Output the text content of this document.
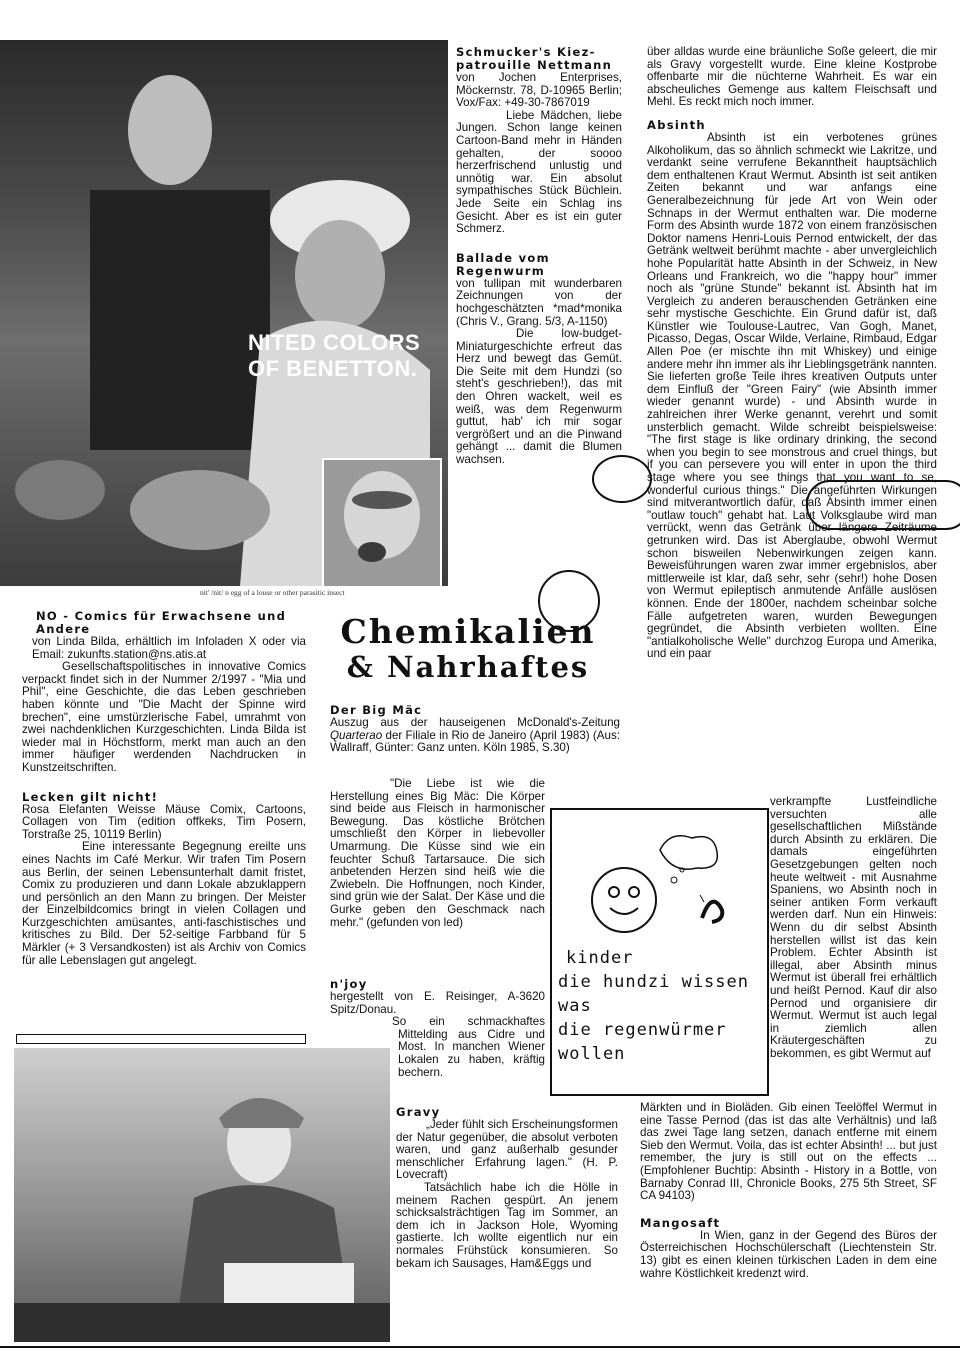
NITED COLORS
OF BENETTON.
nit' /nit/ n egg of a louse or other parasitic insect
Schmucker's Kiez-
patrouille Nettmann

von Jochen Enterprises, Möckernstr. 78, D-10965 Berlin; Vox/Fax: +49-30-7867019

Liebe Mädchen, liebe Jungen. Schon lange keinen Cartoon-Band mehr in Händen gehalten, der soooo herzerfrischend unlustig und unnötig war. Ein absolut sympathisches Stück Büchlein. Jede Seite ein Schlag ins Gesicht. Aber es ist ein guter Schmerz.

Ballade vom
Regenwurm

von tullipan mit wunderbaren Zeichnungen von der hochgeschätzten *mad*monika (Chris V., Grang. 5/3, A-1150)

Die low-budget-Miniaturgeschichte erfreut das Herz und bewegt das Gemüt. Die Seite mit dem Hundzi (so steht's geschrieben!), das mit den Ohren wackelt, weil es weiß, was dem Regenwurm guttut, hab' ich mir sogar vergrößert und an die Pinwand gehängt ... damit die Blumen wachsen.

über alldas wurde eine bräunliche Soße geleert, die mir als Gravy vorgestellt wurde. Eine kleine Kostprobe offenbarte mir die nüchterne Wahrheit. Es war ein abscheuliches Gemenge aus kaltem Fleischsaft und Mehl. Es reckt mich noch immer.

Absinth

Absinth ist ein verbotenes grünes Alkoholikum, das so ähnlich schmeckt wie Lakritze, und verdankt seine verrufene Bekanntheit hauptsächlich dem enthaltenen Kraut Wermut. Absinth ist seit antiken Zeiten bekannt und war anfangs eine Generalbezeichnung für jede Art von Wein oder Schnaps in der Wermut enthalten war. Die moderne Form des Absinth wurde 1872 von einem französischen Doktor namens Henri-Louis Pernod entwickelt, der das Getränk weltweit berühmt machte - aber unvergleichlich hohe Popularität hatte Absinth in der Schweiz, in New Orleans und Frankreich, wo die "happy hour" immer noch als "grüne Stunde" bekannt ist. Absinth hat im Vergleich zu anderen berauschenden Getränken eine sehr mystische Geschichte. Ein Grund dafür ist, daß Künstler wie Toulouse-Lautrec, Van Gogh, Manet, Picasso, Degas, Oscar Wilde, Verlaine, Rimbaud, Edgar Allen Poe (er mischte ihn mit Whiskey) und einige andere mehr ihn immer als ihr Lieblingsgetränk nannten. Sie lieferten große Teile ihres kreativen Outputs unter dem Einfluß der "Green Fairy" (wie Absinth immer wieder genannt wurde) - und Absinth wurde in zahlreichen ihrer Werke genannt, verehrt und somit unsterblich gemacht. Wilde schreibt beispielsweise: "The first stage is like ordinary drinking, the second when you begin to see monstrous and cruel things, but if you can persevere you will enter in upon the third stage where you see things that you want to se, wonderful curious things." Die angeführten Wirkungen sind mitverantwortlich dafür, daß Absinth immer einen "outlaw touch" gehabt hat. Laut Volksglaube wird man verrückt, wenn das Getränk über längere Zeiträume getrunken wird. Das ist Aberglaube, obwohl Wermut schon bisweilen Nebenwirkungen zeigen kann. Beweisführungen waren zwar immer ergebnislos, aber mittlerweile ist klar, daß sehr, sehr (sehr!) hohe Dosen von Wermut epileptisch anmutende Anfälle auslösen können. Ende der 1800er, nachdem scheinbar solche Fälle aufgetreten waren, wurden Bewegungen gegründet, die Absinth verbieten wollten. Eine "antialkoholische Welle" durchzog Europa und Amerika, und ein paar

verkrampfte Lustfeindliche versuchten alle gesellschaftlichen Mißstände durch Absinth zu erklären. Die damals eingeführten Gesetzgebungen gelten noch heute weltweit - mit Ausnahme Spaniens, wo Absinth noch in seiner antiken Form verkauft werden darf. Nun ein Hinweis: Wenn du dir selbst Absinth herstellen willst ist das kein Problem. Echter Absinth ist illegal, aber Absinth minus Wermut ist überall frei erhältlich und heißt Pernod. Kauf dir also Pernod und organisiere dir Wermut. Wermut ist auch legal in ziemlich allen Kräutergeschäften zu bekommen, es gibt Wermut auf

Märkten und in Bioläden. Gib einen Teelöffel Wermut in eine Tasse Pernod (das ist das alte Verhältnis) und laß das zwei Tage lang setzen, danach entferne mit einem Sieb den Wermut. Voila, das ist echter Absinth! ... but just remember, the jury is still out on the effects ... (Empfohlener Buchtip: Absinth - History in a Bottle, von Barnaby Conrad III, Chronicle Books, 275 5th Street, SF CA 94103)

Mangosaft

In Wien, ganz in der Gegend des Büros der Österreichischen Hochschülerschaft (Liechtenstein Str. 13) gibt es einen kleinen türkischen Laden in dem eine wahre Köstlichkeit kredenzt wird.

NO - Comics für Erwachsene und
Andere

von Linda Bilda, erhältlich im Infoladen X oder via Email: zukunfts.station@ns.atis.at

Gesellschaftspolitisches in innovative Comics verpackt findet sich in der Nummer 2/1997 - "Mia und Phil", eine Geschichte, die das Leben geschrieben haben könnte und "Die Macht der Spinne wird brechen", eine umstürzlerische Fabel, umrahmt von zwei nachdenklichen Kurzgeschichten. Linda Bilda ist wieder mal in Höchstform, merkt man auch an den immer häufiger werdenden Nachdrucken in Kunstzeitschriften.

Lecken gilt nicht!

Rosa Elefanten Weisse Mäuse Comix, Cartoons, Collagen von Tim (edition offkeks, Tim Posern, Torstraße 25, 10119 Berlin)

Eine interessante Begegnung ereilte uns eines Nachts im Café Merkur. Wir trafen Tim Posern aus Berlin, der seinen Lebensunterhalt damit fristet, Comix zu produzieren und dann Lokale abzuklappern und persönlich an den Mann zu bringen. Der Meister der Einzelbildcomics bringt in vielen Collagen und Kurzgeschichten amüsantes, anti-faschistisches und kritisches zu Bild. Der 52-seitige Farbband für 5 Märkler (+ 3 Versandkosten) ist als Archiv von Comics für alle Lebenslagen gut angelegt.

Chemikalien
& Nahrhaftes
Der Big Mäc

Auszug aus der hauseigenen McDonald's-Zeitung Quarterao der Filiale in Rio de Janeiro (April 1983) (Aus: Wallraff, Günter: Ganz unten. Köln 1985, S.30)

"Die Liebe ist wie die Herstellung eines Big Mäc: Die Körper sind beide aus Fleisch in harmonischer Bewegung. Das köstliche Brötchen umschließt den Körper in liebevoller Umarmung. Die Küsse sind wie ein feuchter Schuß Tartarsauce. Die sich anbetenden Herzen sind heiß wie die Zwiebeln. Die Hoffnungen, noch Kinder, sind grün wie der Salat. Der Käse und die Gurke geben den Geschmack nach mehr." (gefunden von led)

n'joy

hergestellt von E. Reisinger, A-3620 Spitz/Donau.

So ein schmackhaftes Mittelding aus Cidre und Most. In manchen Wiener Lokalen zu haben, kräftig bechern.

Gravy

„Jeder fühlt sich Erscheinungsformen der Natur gegenüber, die absolut verboten waren, und ganz außerhalb gesunder menschlicher Erfahrung lagen." (H. P. Lovecraft)

Tatsächlich habe ich die Hölle in meinem Rachen gespürt. An jenem schicksalsträchtigen Tag im Sommer, an dem ich in Jackson Hole, Wyoming gastierte. Ich wollte eigentlich nur ein normales Frühstück konsumieren. So bekam ich Sausages, Ham&Eggs und

kinder
die hundzi wissen
was
die regenwürmer
wollen
